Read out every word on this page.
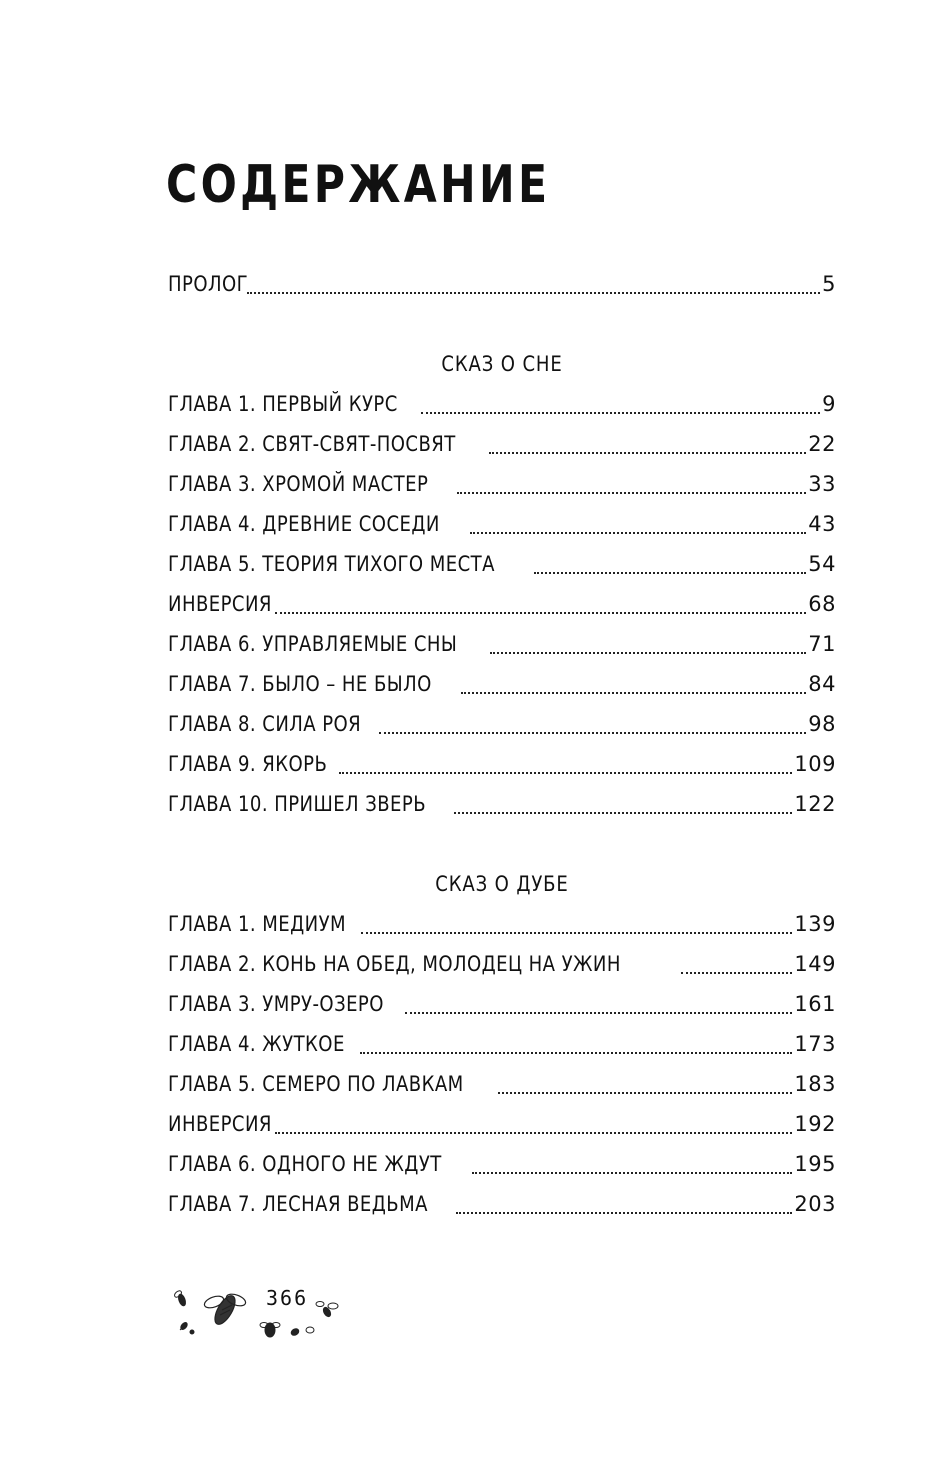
СОДЕРЖАНИЕ
ПРОЛОГ	5
СКАЗ О СНЕ
ГЛАВА 1. ПЕРВЫЙ КУРС	9
ГЛАВА 2. СВЯТ-СВЯТ-ПОСВЯТ	22
ГЛАВА 3. ХРОМОЙ МАСТЕР	33
ГЛАВА 4. ДРЕВНИЕ СОСЕДИ	43
ГЛАВА 5. ТЕОРИЯ ТИХОГО МЕСТА	54
ИНВЕРСИЯ	68
ГЛАВА 6. УПРАВЛЯЕМЫЕ СНЫ	71
ГЛАВА 7. БЫЛО – НЕ БЫЛО	84
ГЛАВА 8. СИЛА РОЯ	98
ГЛАВА 9. ЯКОРЬ	109
ГЛАВА 10. ПРИШЕЛ ЗВЕРЬ	122
СКАЗ О ДУБЕ
ГЛАВА 1. МЕДИУМ	139
ГЛАВА 2. КОНЬ НА ОБЕД, МОЛОДЕЦ НА УЖИН	149
ГЛАВА 3. УМРУ-ОЗЕРО	161
ГЛАВА 4. ЖУТКОЕ	173
ГЛАВА 5. СЕМЕРО ПО ЛАВКАМ	183
ИНВЕРСИЯ	192
ГЛАВА 6. ОДНОГО НЕ ЖДУТ	195
ГЛАВА 7. ЛЕСНАЯ ВЕДЬМА	203
366
